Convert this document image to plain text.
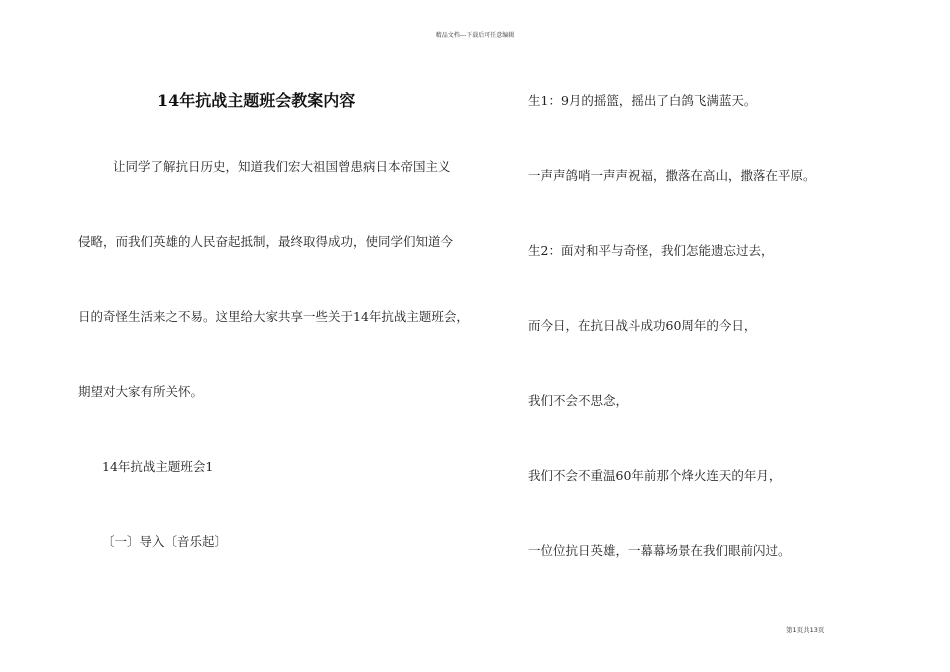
精品文档---下载后可任意编辑
14年抗战主题班会教案内容
让同学了解抗日历史，知道我们宏大祖国曾患病日本帝国主义
侵略，而我们英雄的人民奋起抵制，最终取得成功，使同学们知道今
日的奇怪生活来之不易。这里给大家共享一些关于14年抗战主题班会，
期望对大家有所关怀。
14年抗战主题班会1
〔一〕导入〔音乐起〕
生1：9月的摇篮，摇出了白鸽飞满蓝天。
一声声鸽哨一声声祝福，撒落在高山，撒落在平原。
生2：面对和平与奇怪，我们怎能遗忘过去，
而今日，在抗日战斗成功60周年的今日，
我们不会不思念，
我们不会不重温60年前那个烽火连天的年月，
一位位抗日英雄，一幕幕场景在我们眼前闪过。
第1页共13页
